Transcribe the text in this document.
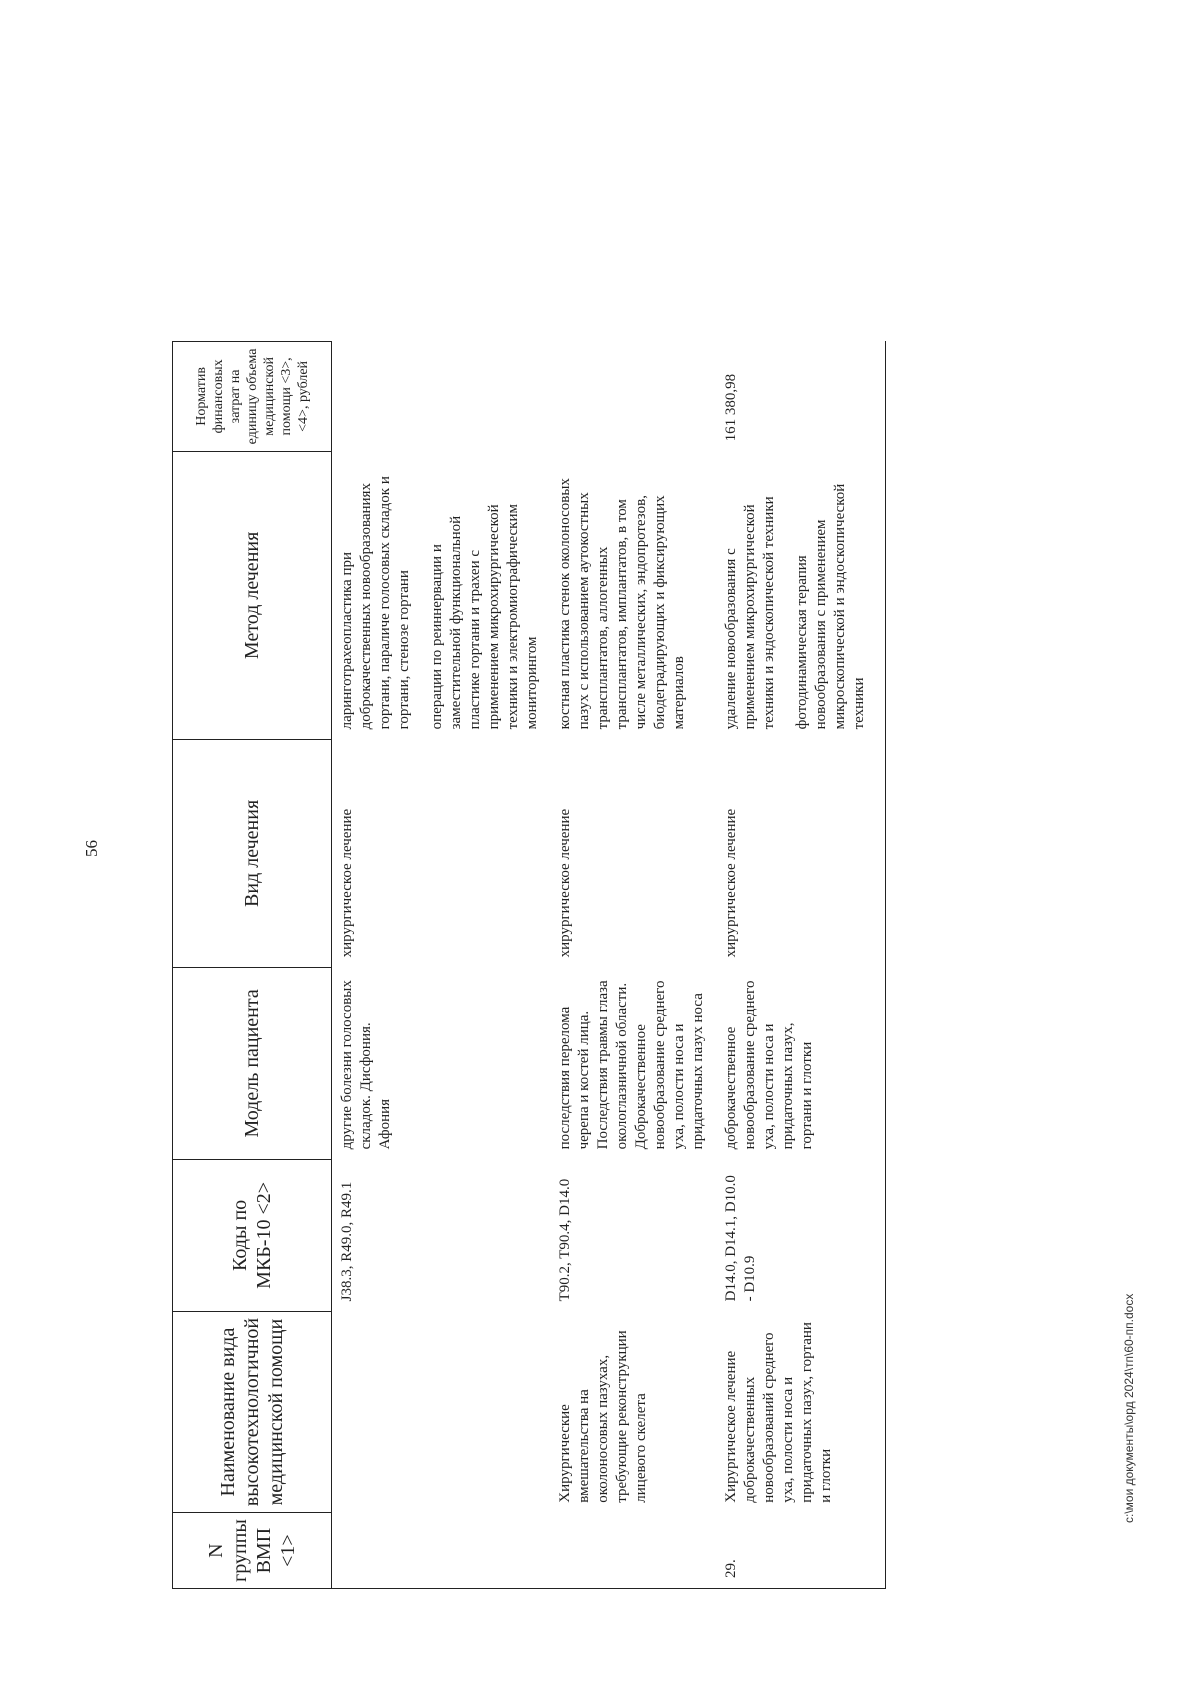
56
N группы ВМП <1>	Наименование вида высокотехнологичной медицинской помощи	Коды по МКБ-10 <2>	Модель пациента	Вид лечения	Метод лечения	Норматив финансовых затрат на единицу объема медицинской помощи <3>, <4>, рублей
		J38.3, R49.0, R49.1	другие болезни голосовых складок. Дисфония. Афония	хирургическое лечение	ларинготрахеопластика при доброкачественных новообразованиях гортани, параличе голосовых складок и гортани, стенозе гортани операции по реиннервации и заместительной функциональной пластике гортани и трахеи с применением микрохирургической техники и электромиографическим мониторингом	

	Хирургические вмешательства на околоносовых пазухах, требующие реконструкции лицевого скелета	T90.2, T90.4, D14.0	последствия перелома черепа и костей лица. Последствия травмы глаза окологлазничной области. Доброкачественное новообразование среднего уха, полости носа и придаточных пазух носа	хирургическое лечение	костная пластика стенок околоносовых пазух с использованием аутокостных трансплантатов, аллогенных трансплантатов, имплантатов, в том числе металлических, эндопротезов, биодеградирующих и фиксирующих материалов	

29.	Хирургическое лечение доброкачественных новообразований среднего уха, полости носа и придаточных пазух, гортани и глотки	D14.0, D14.1, D10.0 - D10.9	доброкачественное новообразование среднего уха, полости носа и придаточных пазух, гортани и глотки	хирургическое лечение	удаление новообразования с применением микрохирургической техники и эндоскопической техники фотодинамическая терапия новообразования с применением микроскопической и эндоскопической техники	161 380,98

c:\мои документы\орд 2024\тп\60-пп.docx
